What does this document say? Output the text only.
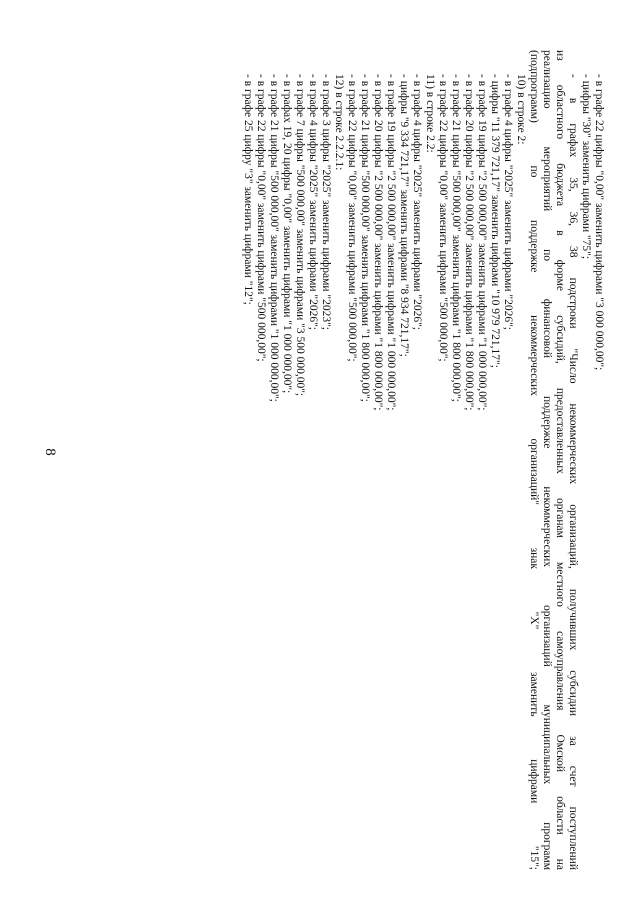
8
- в графе 22 цифры "0,00" заменить цифрами "3 000 000,00";
- цифры "30" заменить цифрами "75";
- в графах 35, 36, 38 подстроки "Число некоммерческих организаций, получивших субсидии за счет поступлений
из областного бюджета в форме субсидий, предоставленных органам местного самоуправления Омской области на
реализацию мероприятий по финансовой поддержке некоммерческих организаций муниципальных программ
(подпрограмм) по поддержке некоммерческих организаций" знак "X" заменить цифрами "15";
10) в строке 2:
- в графе 4 цифры "2025" заменить цифрами "2026";
- цифры "11 379 721,17" заменить цифрами "10 979 721,17";
- в графе 19 цифры "2 500 000,00" заменить цифрами "1 000 000,00";
- в графе 20 цифры "2 500 000,00" заменить цифрами "1 800 000,00";
- в графе 21 цифры "500 000,00" заменить цифрами "1 800 000,00";
- в графе 22 цифры "0,00" заменить цифрами "500 000,00";
11) в строке 2.2:
- в графе 4 цифры "2025" заменить цифрами "2026";
- цифры "9 334 721,17" заменить цифрами "8 934 721,17";
- в графе 19 цифры "2 500 000,00" заменить цифрами "1 000 000,00";
- в графе 20 цифры "2 500 000,00" заменить цифрами "1 800 000,00";
- в графе 21 цифры "500 000,00" заменить цифрами "1 800 000,00";
- в графе 22 цифры "0,00" заменить цифрами "500 000,00";
12) в строке 2.2.2.1:
- в графе 3 цифры "2025" заменить цифрами "2023";
- в графе 4 цифры "2025" заменить цифрами "2026";
- в графе 7 цифры "500 000,00" заменить цифрами "3 500 000,00";
- в графах 19, 20 цифры "0,00" заменить цифрами "1 000 000,00";
- в графе 21 цифры "500 000,00" заменить цифрами "1 000 000,00";
- в графе 22 цифры "0,00" заменить цифрами "500 000,00";
- в графе 25 цифру "3" заменить цифрами "12";
